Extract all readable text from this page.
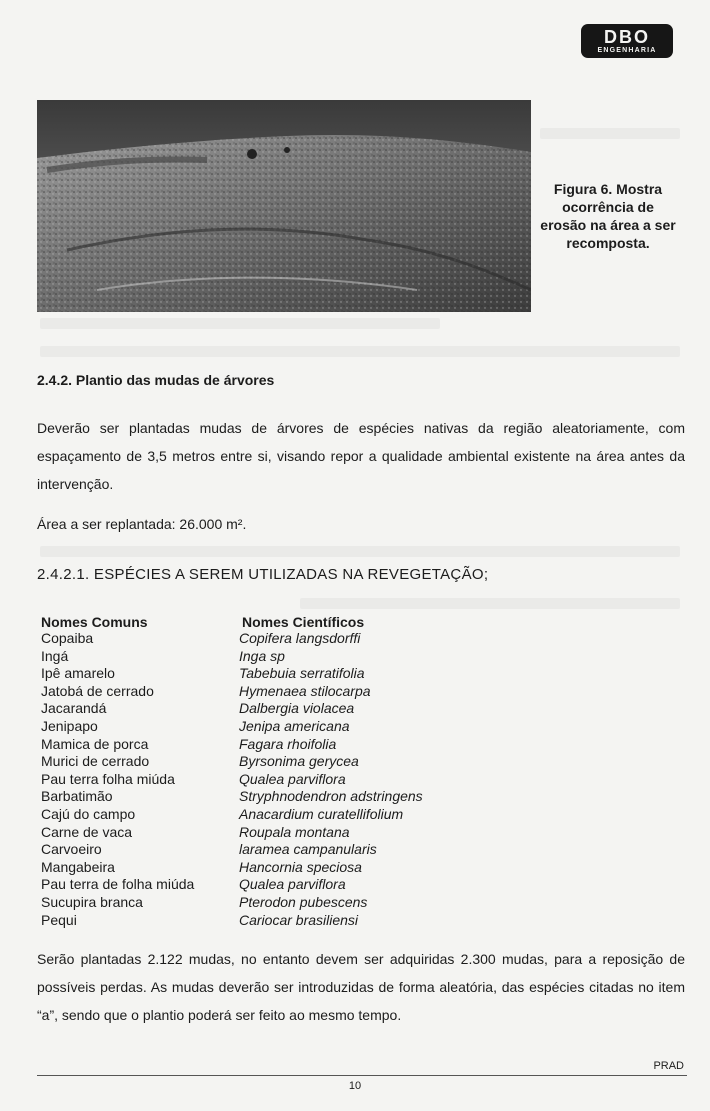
DBO
ENGENHARIA
Figura 6. Mostra ocorrência de erosão na área a ser recomposta.
2.4.2. Plantio das mudas de árvores

Deverão ser plantadas mudas de árvores de espécies nativas da região aleatoriamente, com espaçamento de 3,5 metros entre si, visando repor a qualidade ambiental existente na área antes da intervenção.

Área a ser replantada: 26.000 m².
2.4.2.1. ESPÉCIES A SEREM UTILIZADAS NA REVEGETAÇÃO;
Nomes Comuns	Nomes Científicos
Copaiba
Ingá
Ipê amarelo
Jatobá de cerrado
Jacarandá
Jenipapo
Mamica de porca
Murici de cerrado
Pau terra folha miúda
Barbatimão
Cajú do campo
Carne de vaca
Carvoeiro
Mangabeira
Pau terra de folha miúda
Sucupira branca
Pequi
Copifera langsdorffi
Inga sp
Tabebuia serratifolia
Hymenaea stilocarpa
Dalbergia violacea
Jenipa americana
Fagara rhoifolia
Byrsonima gerycea
Qualea parviflora
Stryphnodendron adstringens
Anacardium curatellifolium
Roupala montana
laramea campanularis
Hancornia speciosa
Qualea parviflora
Pterodon pubescens
Cariocar brasiliensi

Serão plantadas 2.122 mudas, no entanto devem ser adquiridas 2.300 mudas, para a reposição de possíveis perdas. As mudas deverão ser introduzidas de forma aleatória, das espécies citadas no item “a”, sendo que o plantio poderá ser feito ao mesmo tempo.

PRAD
10
